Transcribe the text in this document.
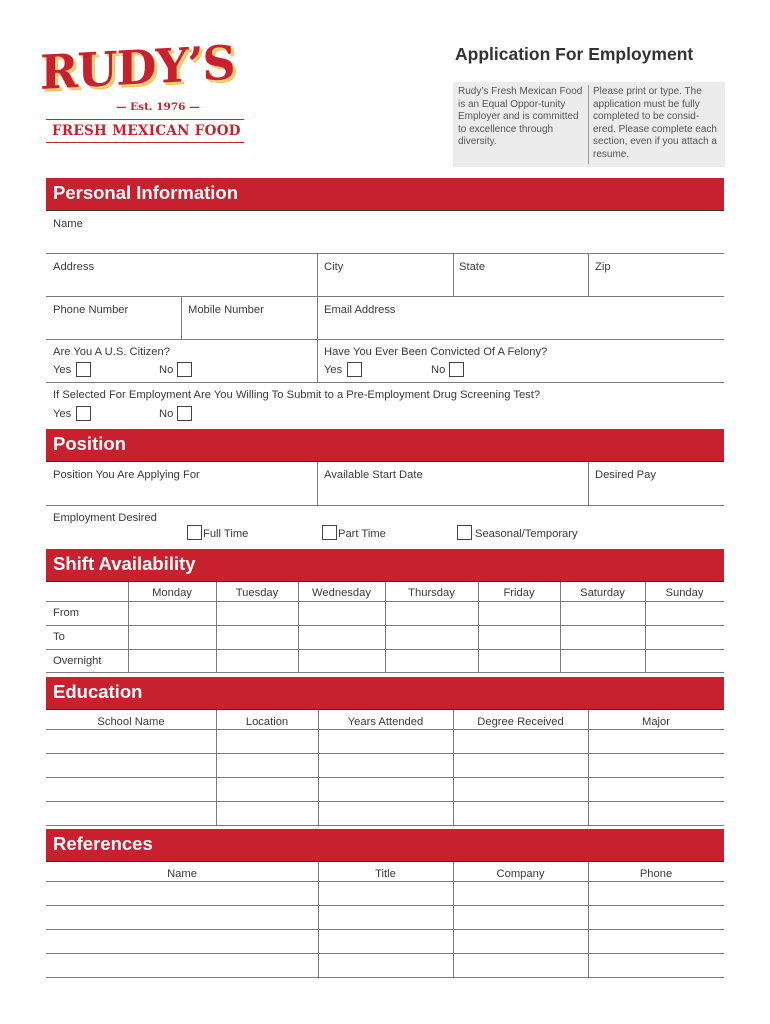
RUDY’S
— Est. 1976 —
FRESH MEXICAN FOOD
Application For Employment
Rudy’s Fresh Mexican Food is an Equal Oppor-tunity Employer and is committed to excellence through diversity.
Please print or type. The application must be fully completed to be consid-ered. Please complete each section, even if you attach a resume.
Personal Information
Name
Address	City	State	Zip
Phone Number	Mobile Number	Email Address
Are You A U.S. Citizen?
Yes	No
Have You Ever Been Convicted Of A Felony?
Yes	No
If Selected For Employment Are You Willing To Submit to a Pre-Employment Drug Screening Test?
Yes	No
Position
Position You Are Applying For	Available Start Date	Desired Pay
Employment Desired
Full Time	Part Time	Seasonal/Temporary
Shift Availability
Monday	Tuesday	Wednesday	Thursday	Friday	Saturday	Sunday
From
To
Overnight
Education
School Name	Location	Years Attended	Degree Received	Major
References
Name	Title	Company	Phone
